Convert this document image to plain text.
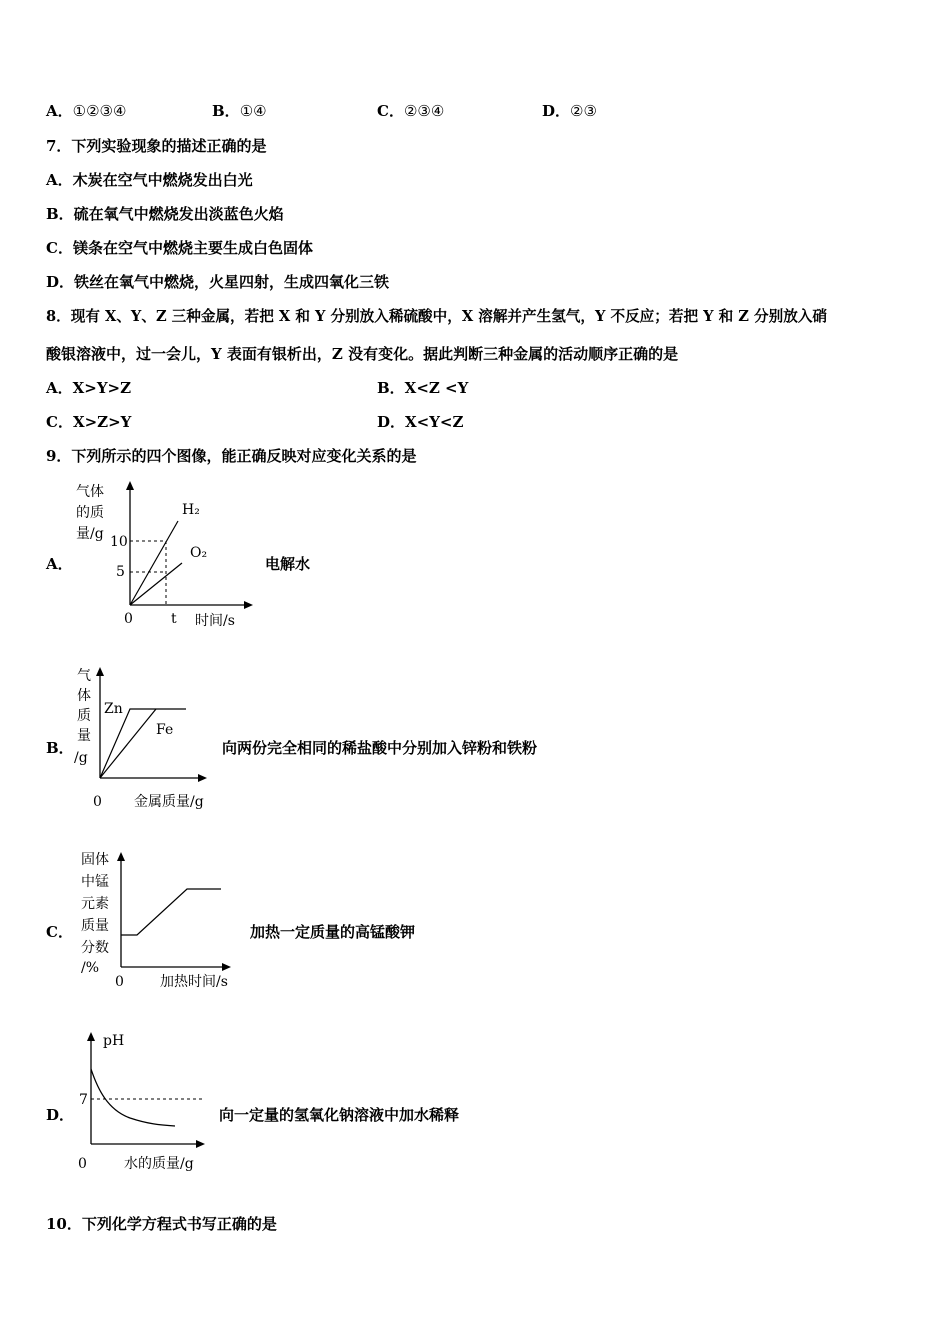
A．①②③④	B．①④	C．②③④	D．②③
7．下列实验现象的描述正确的是
A．木炭在空气中燃烧发出白光
B．硫在氧气中燃烧发出淡蓝色火焰
C．镁条在空气中燃烧主要生成白色固体
D．铁丝在氧气中燃烧，火星四射，生成四氧化三铁
8．现有 X、Y、Z 三种金属，若把 X 和 Y 分别放入稀硫酸中，X 溶解并产生氢气，Y 不反应；若把 Y 和 Z 分别放入硝
酸银溶液中，过一会儿，Y 表面有银析出，Z 没有变化。据此判断三种金属的活动顺序正确的是
A．X>Y>Z	B．X<Z <Y
C．X>Z>Y	D．X<Y<Z
9．下列所示的四个图像，能正确反映对应变化关系的是
A．	电解水
气体
的质
量/g 10
5
0	t 时间/s
H₂
O₂
B．	向两份完全相同的稀盐酸中分别加入锌粉和铁粉
气
体
质
量
/g
Zn
Fe
0 金属质量/g
C．	加热一定质量的高锰酸钾
固体
中锰
元素
质量
分数
/%
0	加热时间/s
D．	向一定量的氢氧化钠溶液中加水稀释
pH
7
0	水的质量/g
10．下列化学方程式书写正确的是
